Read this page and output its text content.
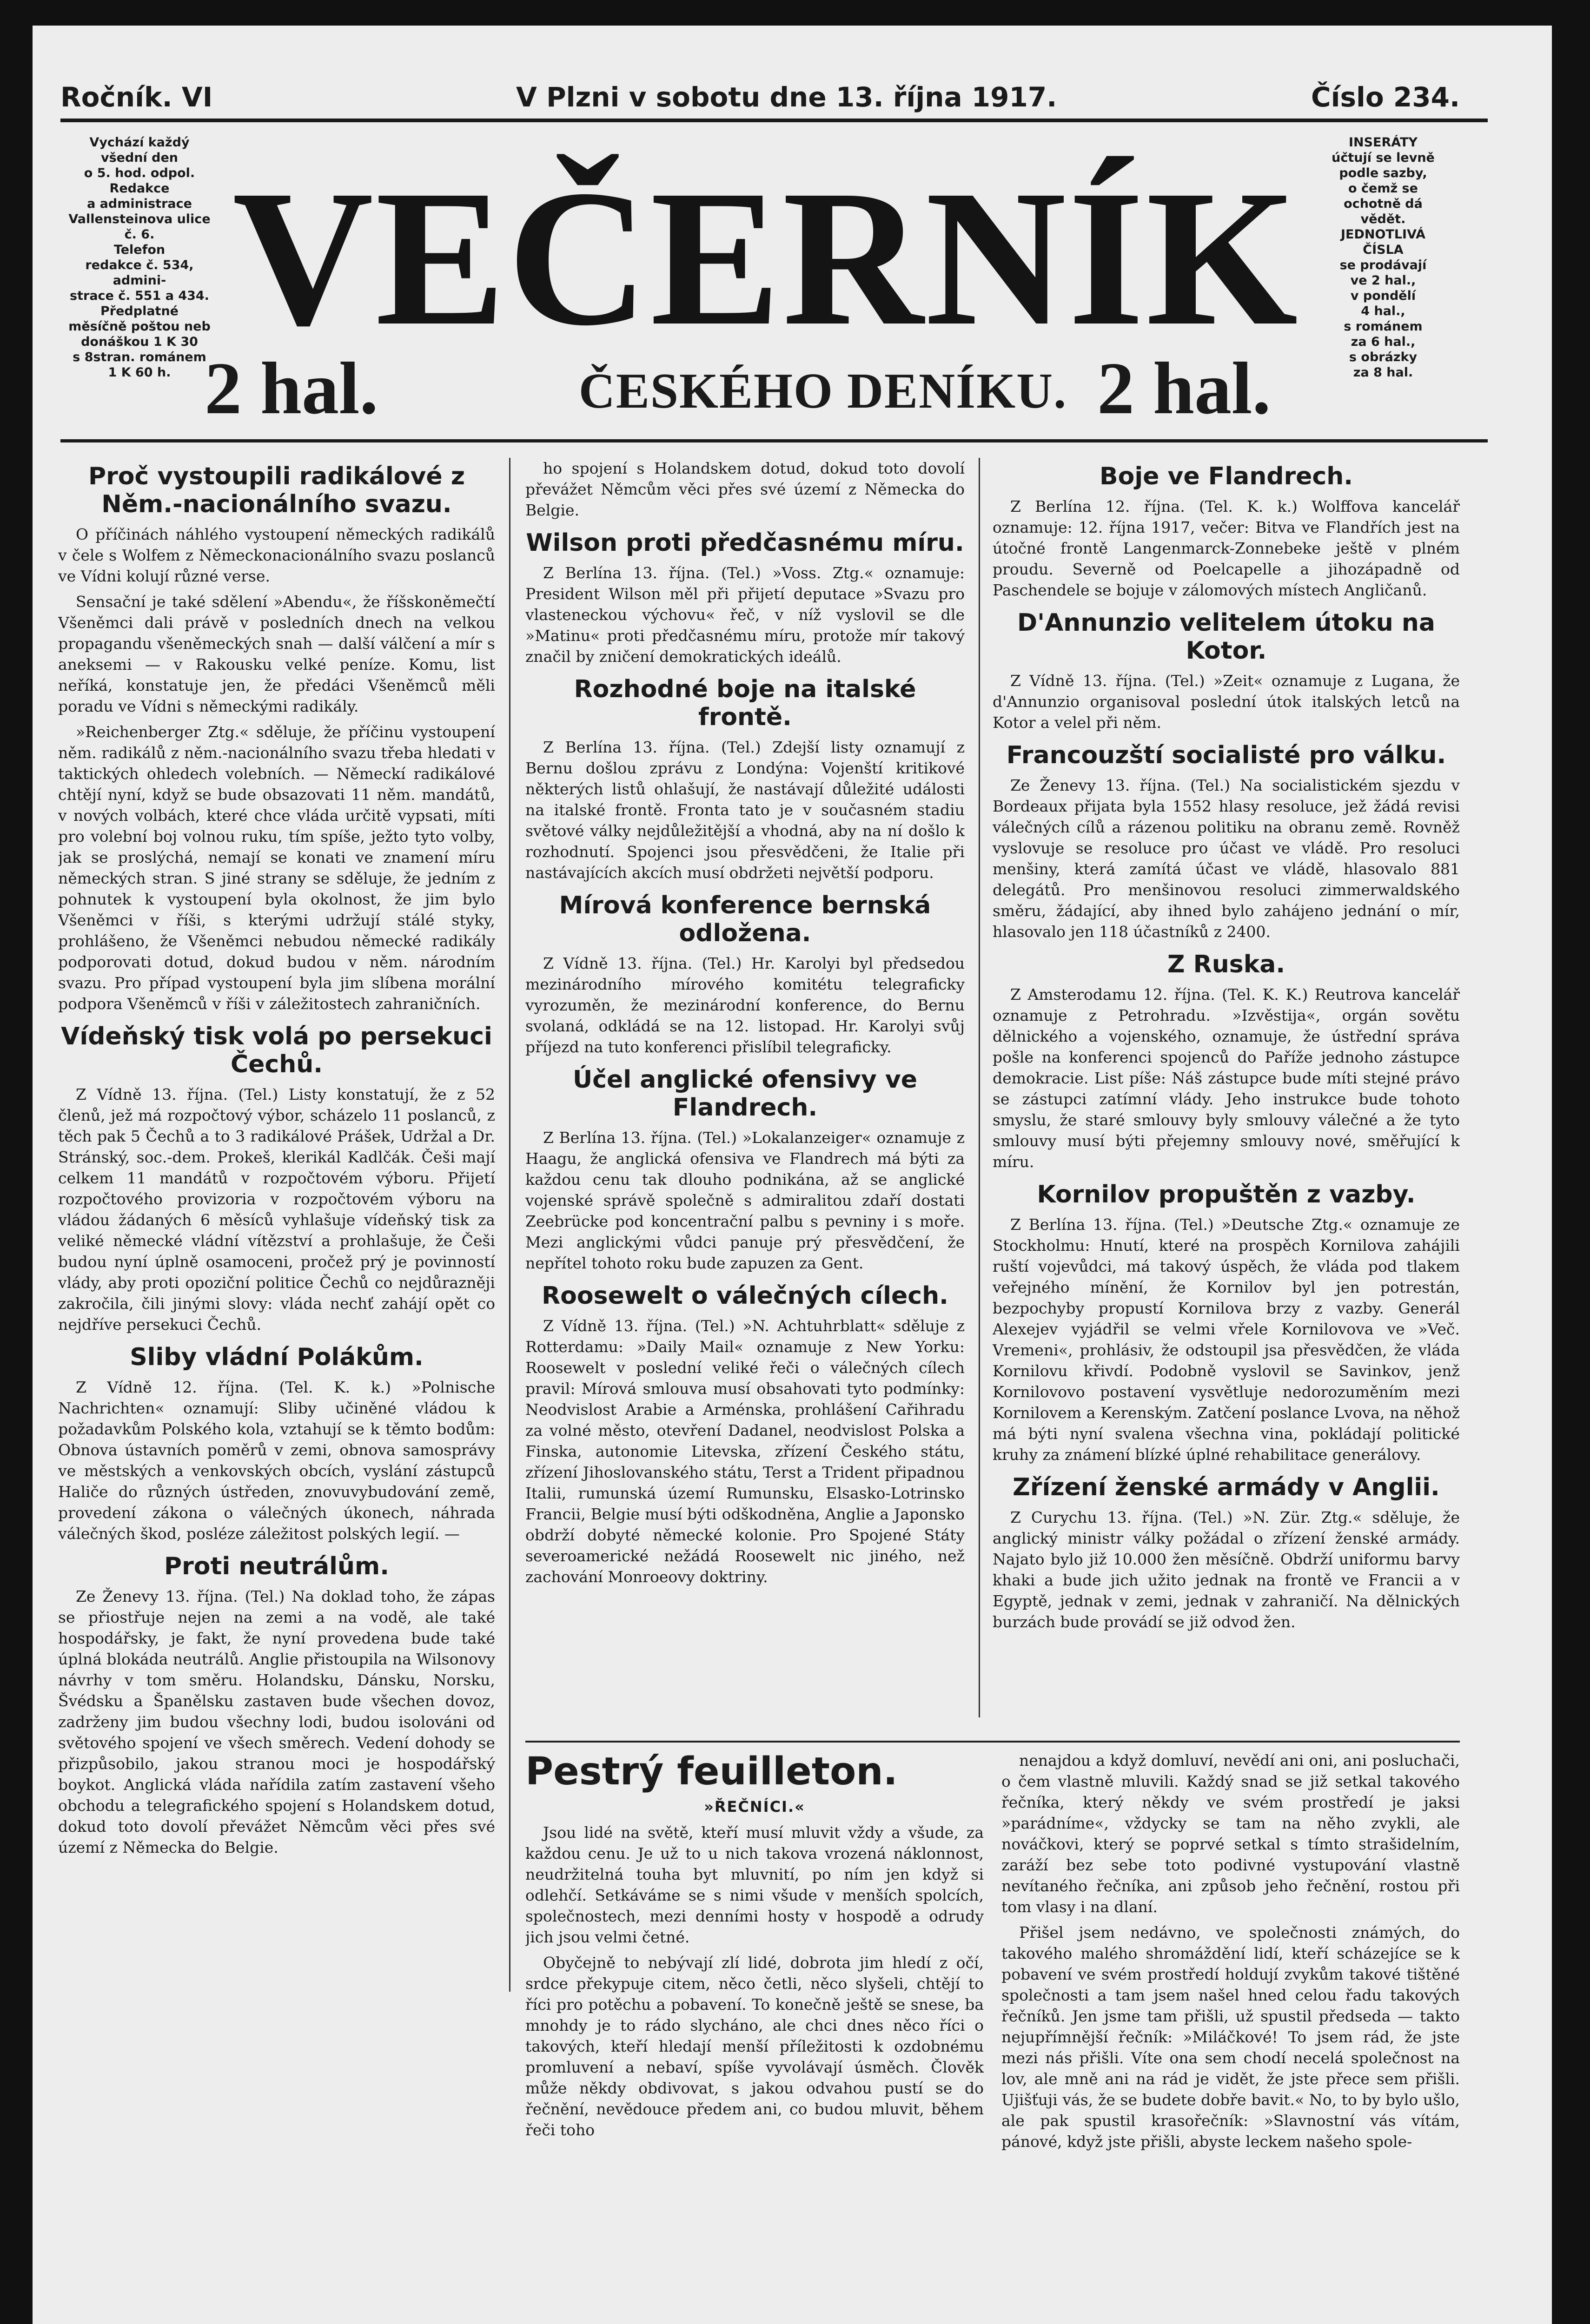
Ročník. VI	V Plzni v sobotu dne 13. října 1917.	Číslo 234.
Vychází každý
všední den
o 5. hod. odpol.
Redakce
a administrace
Vallensteinova ulice č. 6.
Telefon
redakce č. 534, admini-
strace č. 551 a 434.
Předplatné
měsíčně poštou neb
donáškou 1 K 30
s 8stran. románem
1 K 60 h.
INSERÁTY
účtují se levně
podle sazby,
o čemž se
ochotně dá
vědět.
JEDNOTLIVÁ
ČÍSLA
se prodávají
ve 2 hal.,
v pondělí
4 hal.,
s románem
za 6 hal.,
s obrázky
za 8 hal.
VEČERNÍK
2 hal.	ČESKÉHO DENÍKU. 2 hal.
Proč vystoupili radikálové z Něm.-nacionálního svazu.

O příčinách náhlého vystoupení německých radikálů v čele s Wolfem z Německonacionálního svazu poslanců ve Vídni kolují různé verse.

Sensační je také sdělení »Abendu«, že říšskoněmečtí Všeněmci dali právě v posledních dnech na velkou propagandu všeněmeckých snah — další válčení a mír s aneksemi — v Rakousku velké peníze. Komu, list neříká, konstatuje jen, že předáci Všeněmců měli poradu ve Vídni s německými radikály.

»Reichenberger Ztg.« sděluje, že příčinu vystoupení něm. radikálů z něm.-nacionálního svazu třeba hledati v taktických ohledech volebních. — Německí radikálové chtějí nyní, když se bude obsazovati 11 něm. mandátů, v nových volbách, které chce vláda určitě vypsati, míti pro volební boj volnou ruku, tím spíše, ježto tyto volby, jak se proslýchá, nemají se konati ve znamení míru německých stran. S jiné strany se sděluje, že jedním z pohnutek k vystoupení byla okolnost, že jim bylo Všeněmci v říši, s kterými udržují stálé styky, prohlášeno, že Všeněmci nebudou německé radikály podporovati dotud, dokud budou v něm. národním svazu. Pro případ vystoupení byla jim slíbena morální podpora Všeněmců v říši v záležitostech zahraničních.

Vídeňský tisk volá po persekuci Čechů.

Z Vídně 13. října. (Tel.) Listy konstatují, že z 52 členů, jež má rozpočtový výbor, scházelo 11 poslanců, z těch pak 5 Čechů a to 3 radikálové Prášek, Udržal a Dr. Stránský, soc.-dem. Prokeš, klerikál Kadlčák. Češi mají celkem 11 mandátů v rozpočtovém výboru. Přijetí rozpočtového provizoria v rozpočtovém výboru na vládou žádaných 6 měsíců vyhlašuje vídeňský tisk za veliké německé vládní vítězství a prohlašuje, že Češi budou nyní úplně osamoceni, pročež prý je povinností vlády, aby proti opoziční politice Čechů co nejdůrazněji zakročila, čili jinými slovy: vláda nechť zahájí opět co nejdříve persekuci Čechů.

Sliby vládní Polákům.

Z Vídně 12. října. (Tel. K. k.) »Polnische Nachrichten« oznamují: Sliby učiněné vládou k požadavkům Polského kola, vztahují se k těmto bodům: Obnova ústavních poměrů v zemi, obnova samosprávy ve městských a venkovských obcích, vyslání zástupců Haliče do různých ústředen, znovuvybudování země, provedení zákona o válečných úkonech, náhrada válečných škod, posléze záležitost polských legií. —

Proti neutrálům.

Ze Ženevy 13. října. (Tel.) Na doklad toho, že zápas se přiostřuje nejen na zemi a na vodě, ale také hospodářsky, je fakt, že nyní provedena bude také úplná blokáda neutrálů. Anglie přistoupila na Wilsonovy návrhy v tom směru. Holandsku, Dánsku, Norsku, Švédsku a Španělsku zastaven bude všechen dovoz, zadrženy jim budou všechny lodi, budou isolováni od světového spojení ve všech směrech. Vedení dohody se přizpůsobilo, jakou stranou moci je hospodářský boykot. Anglická vláda nařídila zatím zastavení všeho obchodu a telegrafického spojení s Holandskem dotud, dokud toto dovolí převážet Němcům věci přes své území z Německa do Belgie.

ho spojení s Holandskem dotud, dokud toto dovolí převážet Němcům věci přes své území z Německa do Belgie.

Wilson proti předčasnému míru.

Z Berlína 13. října. (Tel.) »Voss. Ztg.« oznamuje: President Wilson měl při přijetí deputace »Svazu pro vlasteneckou výchovu« řeč, v níž vyslovil se dle »Matinu« proti předčasnému míru, protože mír takový značil by zničení demokratických ideálů.

Rozhodné boje na italské frontě.

Z Berlína 13. října. (Tel.) Zdejší listy oznamují z Bernu došlou zprávu z Londýna: Vojenští kritikové některých listů ohlašují, že nastávají důležité události na italské frontě. Fronta tato je v současném stadiu světové války nejdůležitější a vhodná, aby na ní došlo k rozhodnutí. Spojenci jsou přesvědčeni, že Italie při nastávajících akcích musí obdržeti největší podporu.

Mírová konference bernská odložena.

Z Vídně 13. října. (Tel.) Hr. Karolyi byl předsedou mezinárodního mírového komitétu telegraficky vyrozuměn, že mezinárodní konference, do Bernu svolaná, odkládá se na 12. listopad. Hr. Karolyi svůj příjezd na tuto konferenci přislíbil telegraficky.

Účel anglické ofensivy ve Flandrech.

Z Berlína 13. října. (Tel.) »Lokalanzeiger« oznamuje z Haagu, že anglická ofensiva ve Flandrech má býti za každou cenu tak dlouho podnikána, až se anglické vojenské správě společně s admiralitou zdaří dostati Zeebrücke pod koncentrační palbu s pevniny i s moře. Mezi anglickými vůdci panuje prý přesvědčení, že nepřítel tohoto roku bude zapuzen za Gent.

Roosewelt o válečných cílech.

Z Vídně 13. října. (Tel.) »N. Achtuhrblatt« sděluje z Rotterdamu: »Daily Mail« oznamuje z New Yorku: Roosewelt v poslední veliké řeči o válečných cílech pravil: Mírová smlouva musí obsahovati tyto podmínky: Neodvislost Arabie a Arménska, prohlášení Cařihradu za volné město, otevření Dadanel, neodvislost Polska a Finska, autonomie Litevska, zřízení Českého státu, zřízení Jihoslovanského státu, Terst a Trident připadnou Italii, rumunská území Rumunsku, Elsasko-Lotrinsko Francii, Belgie musí býti odškodněna, Anglie a Japonsko obdrží dobyté německé kolonie. Pro Spojené Státy severoamerické nežádá Roosewelt nic jiného, než zachování Monroeovy doktriny.

Boje ve Flandrech.

Z Berlína 12. října. (Tel. K. k.) Wolffova kancelář oznamuje: 12. října 1917, večer: Bitva ve Flandřích jest na útočné frontě Langenmarck-Zonnebeke ještě v plném proudu. Severně od Poelcapelle a jihozápadně od Paschendele se bojuje v zálomových místech Angličanů.

D'Annunzio velitelem útoku na Kotor.

Z Vídně 13. října. (Tel.) »Zeit« oznamuje z Lugana, že d'Annunzio organisoval poslední útok italských letců na Kotor a velel při něm.

Francouzští socialisté pro válku.

Ze Ženevy 13. října. (Tel.) Na socialistickém sjezdu v Bordeaux přijata byla 1552 hlasy resoluce, jež žádá revisi válečných cílů a rázenou politiku na obranu země. Rovněž vyslovuje se resoluce pro účast ve vládě. Pro resoluci menšiny, která zamítá účast ve vládě, hlasovalo 881 delegátů. Pro menšinovou resoluci zimmerwaldského směru, žádající, aby ihned bylo zahájeno jednání o mír, hlasovalo jen 118 účastníků z 2400.

Z Ruska.

Z Amsterodamu 12. října. (Tel. K. K.) Reutrova kancelář oznamuje z Petrohradu. »Izvěstija«, orgán sovětu dělnického a vojenského, oznamuje, že ústřední správa pošle na konferenci spojenců do Paříže jednoho zástupce demokracie. List píše: Náš zástupce bude míti stejné právo se zástupci zatímní vlády. Jeho instrukce bude tohoto smyslu, že staré smlouvy byly smlouvy válečné a že tyto smlouvy musí býti přejemny smlouvy nové, směřující k míru.

Kornilov propuštěn z vazby.

Z Berlína 13. října. (Tel.) »Deutsche Ztg.« oznamuje ze Stockholmu: Hnutí, které na prospěch Kornilova zahájili ruští vojevůdci, má takový úspěch, že vláda pod tlakem veřejného mínění, že Kornilov byl jen potrestán, bezpochyby propustí Kornilova brzy z vazby. Generál Alexejev vyjádřil se velmi vřele Kornilovova ve »Več. Vremeni«, prohlásiv, že odstoupil jsa přesvědčen, že vláda Kornilovu křivdí. Podobně vyslovil se Savinkov, jenž Kornilovovo postavení vysvětluje nedorozuměním mezi Kornilovem a Kerenským. Zatčení poslance Lvova, na něhož má býti nyní svalena všechna vina, pokládají politické kruhy za známení blízké úplné rehabilitace generálovy.

Zřízení ženské armády v Anglii.

Z Curychu 13. října. (Tel.) »N. Zür. Ztg.« sděluje, že anglický ministr války požádal o zřízení ženské armády. Najato bylo již 10.000 žen měsíčně. Obdrží uniformu barvy khaki a bude jich užito jednak na frontě ve Francii a v Egyptě, jednak v zemi, jednak v zahraničí. Na dělnických burzách bude provádí se již odvod žen.

Pestrý feuilleton.
»ŘEČNÍCI.«

Jsou lidé na světě, kteří musí mluvit vždy a všude, za každou cenu. Je už to u nich takova vrozená náklonnost, neudržitelná touha byt mluvnití, po ním jen když si odlehčí. Setkáváme se s nimi všude v menších spolcích, společnostech, mezi denními hosty v hospodě a odrudy jich jsou velmi četné.

Obyčejně to nebývají zlí lidé, dobrota jim hledí z očí, srdce překypuje citem, něco četli, něco slyšeli, chtějí to říci pro potěchu a pobavení. To konečně ještě se snese, ba mnohdy je to rádo slycháno, ale chci dnes něco říci o takových, kteří hledají menší příležitosti k ozdobnému promluvení a nebaví, spíše vyvolávají úsměch. Člověk může někdy obdivovat, s jakou odvahou pustí se do řečnění, nevědouce předem ani, co budou mluvit, během řeči toho

nenajdou a když domluví, nevědí ani oni, ani posluchači, o čem vlastně mluvili. Každý snad se již setkal takového řečníka, který někdy ve svém prostředí je jaksi »parádníme«, vždycky se tam na něho zvykli, ale nováčkovi, který se poprvé setkal s tímto strašidelním, zaráží bez sebe toto podivné vystupování vlastně nevítaného řečníka, ani způsob jeho řečnění, rostou při tom vlasy i na dlaní.

Přišel jsem nedávno, ve společnosti známých, do takového malého shromáždění lidí, kteří scházejíce se k pobavení ve svém prostředí holdují zvykům takové tištěné společnosti a tam jsem našel hned celou řadu takových řečníků. Jen jsme tam přišli, už spustil předseda — takto nejupřímnější řečník: »Miláčkové! To jsem rád, že jste mezi nás přišli. Víte ona sem chodí necelá společnost na lov, ale mně ani na rád je vidět, že jste přece sem přišli. Ujišťuji vás, že se budete dobře bavit.« No, to by bylo ušlo, ale pak spustil krasořečník: »Slavnostní vás vítám, pánové, když jste přišli, abyste leckem našeho spole-
